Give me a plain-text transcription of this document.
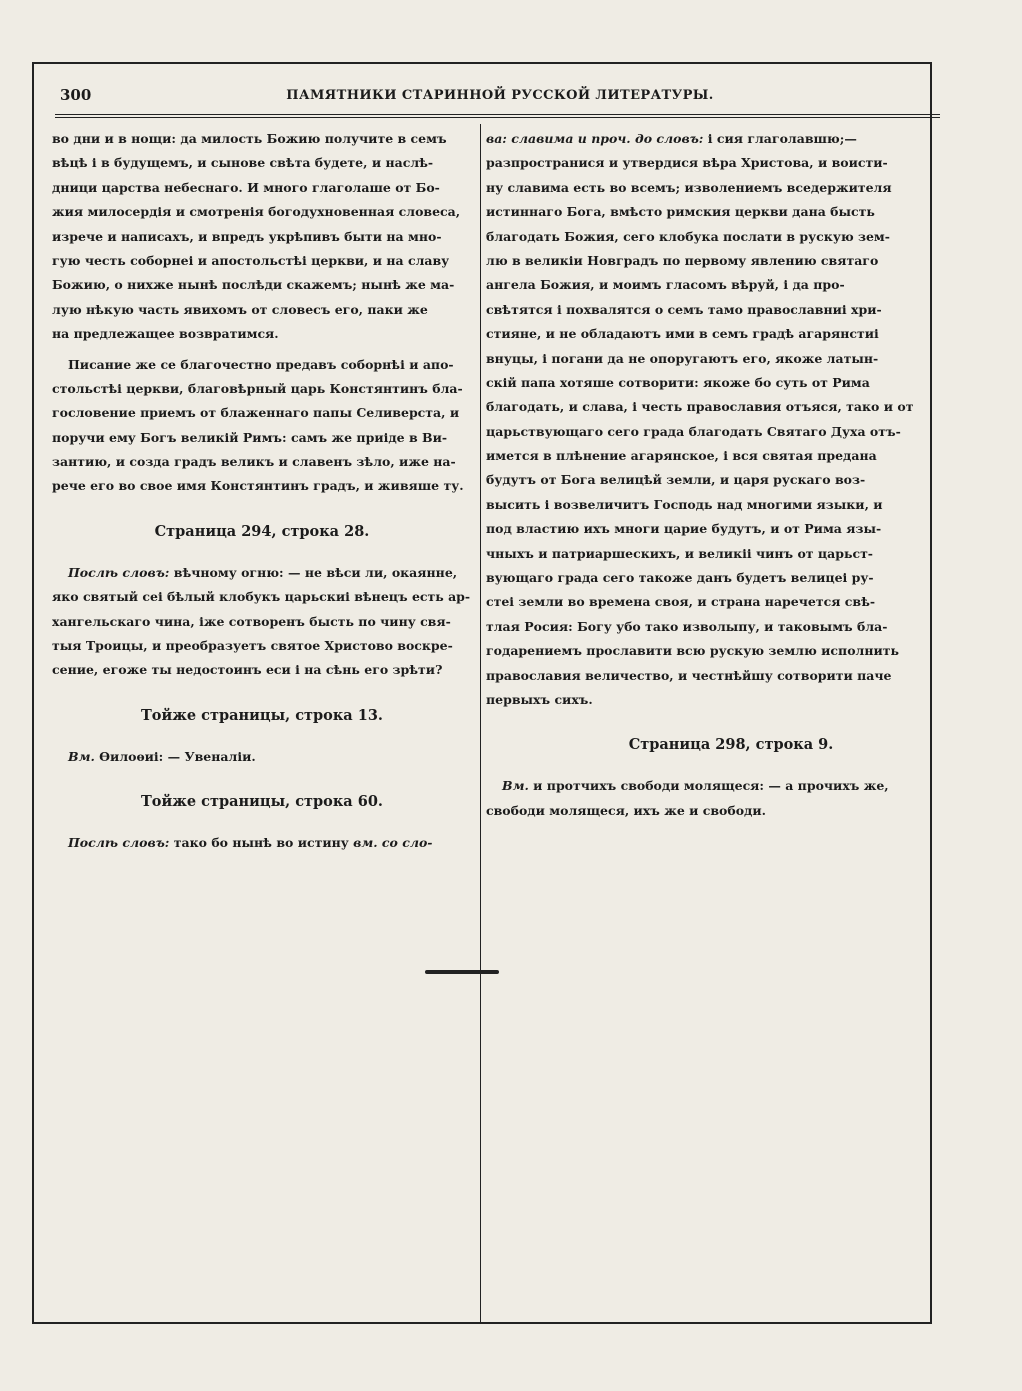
300	ПАМЯТНИКИ СТАРИННОЙ РУССКОЙ ЛИТЕРАТУРЫ.
во дни и в нощи: да милость Божию получите в семъ
вѣцѣ і в будущемъ, и сынове свѣта будете, и наслѣ-
дници царства небеснаго. И много глаголаше от Бо-
жия милосердія и смотренія богодухновенная словеса,
изрече и написахъ, и впредъ укрѣпивъ быти на мно-
гую честь соборнеі и апостольстѣі церкви, и на славу
Божию, о нихже нынѣ послѣди скажемъ; нынѣ же ма-
лую нѣкую часть явихомъ от словесъ его, паки же
на предлежащее возвратимся.
Писание же се благочестно предавъ соборнѣі и апо-
стольстѣі церкви, благовѣрный царь Констянтинъ бла-
гословение приемъ от блаженнаго папы Селиверста, и
поручи ему Богъ великій Римъ: самъ же приіде в Ви-
зантию, и созда градъ великъ и славенъ зѣло, иже на-
рече его во свое имя Констянтинъ градъ, и живяше ту.
Страница 294, строка 28.
Послѣ словъ: вѣчному огню: — не вѣси ли, окаянне,
яко святый сеі бѣлый клобукъ царьскиі вѣнецъ есть ар-
хангельскаго чина, іже сотворенъ бысть по чину свя-
тыя Троицы, и преобразуетъ святое Христово воскре-
сение, егоже ты недостоинъ еси і на сѣнь его зрѣти?
Тойже страницы, строка 13.
Вм. Ѳилоѳиі: — Увеналіи.
Тойже страницы, строка 60.
Послѣ словъ: тако бо нынѣ во истину вм. со сло-
ва: славима и проч. до словъ: і сия глаголавшю;—
разпространися и утвердися вѣра Христова, и воисти-
ну славима есть во всемъ; изволениемъ вседержителя
истиннаго Бога, вмѣсто римския церкви дана бысть
благодать Божия, сего клобука послати в рускую зем-
лю в великіи Новградъ по первому явлению святаго
ангела Божия, и моимъ гласомъ вѣруй, і да про-
свѣтятся і похвалятся о семъ тамо православниі хри-
стияне, и не обладаютъ ими в семъ градѣ агарянстиі
внуцы, і погани да не опоругаютъ его, якоже латын-
скій папа хотяше сотворити: якоже бо суть от Рима
благодать, и слава, і честь православия отъяся, тако и от
царьствующаго сего града благодать Святаго Духа отъ-
имется в плѣнение агарянское, і вся святая предана
будутъ от Бога велицѣй земли, и царя рускаго воз-
высить і возвеличитъ Господь над многими языки, и
под властию ихъ многи царие будутъ, и от Рима язы-
чныхъ и патриаршескихъ, и великіі чинъ от царьст-
вующаго града сего такоже данъ будетъ велицеі ру-
стеі земли во времена своя, и страна наречется свѣ-
тлая Росия: Богу убо тако изволыпу, и таковымъ бла-
годарениемъ прославити всю рускую землю исполнить
православия величество, и честнѣйшу сотворити паче
первыхъ сихъ.
Страница 298, строка 9.
Вм. и протчихъ свободи молящеся: — а прочихъ же,
свободи молящеся, ихъ же и свободи.
